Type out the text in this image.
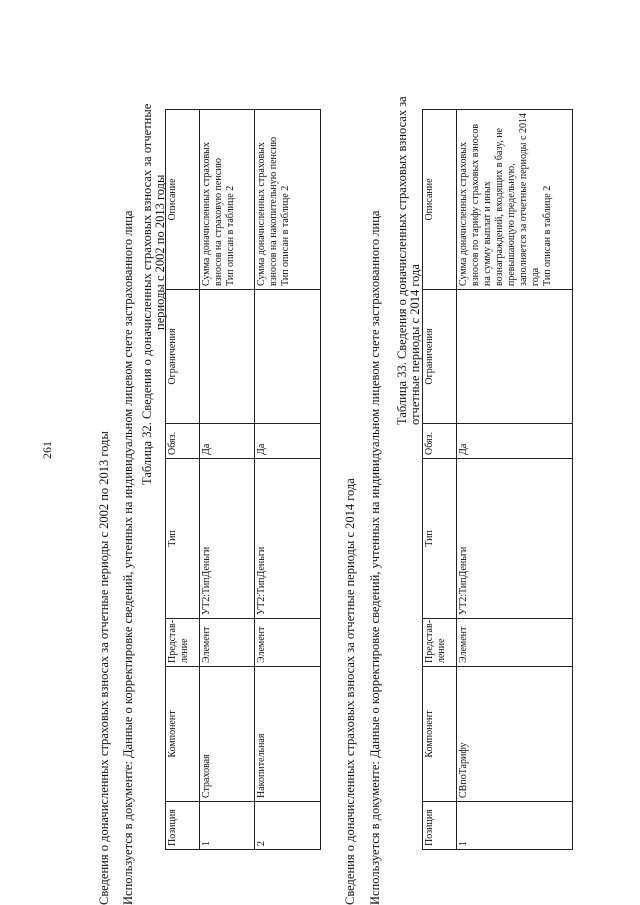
261	Сведения о доначисленных страховых взносах за отчетные периоды с 2002 по 2013 годы Используется в документе: Данные о корректировке сведений, учтенных на индивидуальном лицевом счете застрахованного лица Таблица 32. Сведения о доначисленных страховых взносах за отчетные периоды с 2002 по 2013 годы
Позиция	Компонент	Представ-ление	Тип	Обяз.	Ограничения	Описание
1	Страховая	Элемент	УТ2:ТипДеньги	Да		Сумма доначисленных страховых взносов на страховую пенсию
Тип описан в таблице 2
2	Накопительная	Элемент	УТ2:ТипДеньги	Да		Сумма доначисленных страховых взносов на накопительную пенсию
Тип описан в таблице 2
Сведения о доначисленных страховых взносах за отчетные периоды с 2014 года Используется в документе: Данные о корректировке сведений, учтенных на индивидуальном лицевом счете застрахованного лица Таблица 33. Сведения о доначисленных страховых взносах за отчетные периоды с 2014 года
Позиция	Компонент	Представ-ление	Тип	Обяз.	Ограничения	Описание
1	СВпоТарифу	Элемент	УТ2:ТипДеньги	Да		Сумма доначисленных страховых взносов по тарифу страховых взносов на сумму выплат и иных вознаграждений, входящих в базу, не превышающую предельную, заполняется за отчетные периоды с 2014 года
Тип описан в таблице 2
